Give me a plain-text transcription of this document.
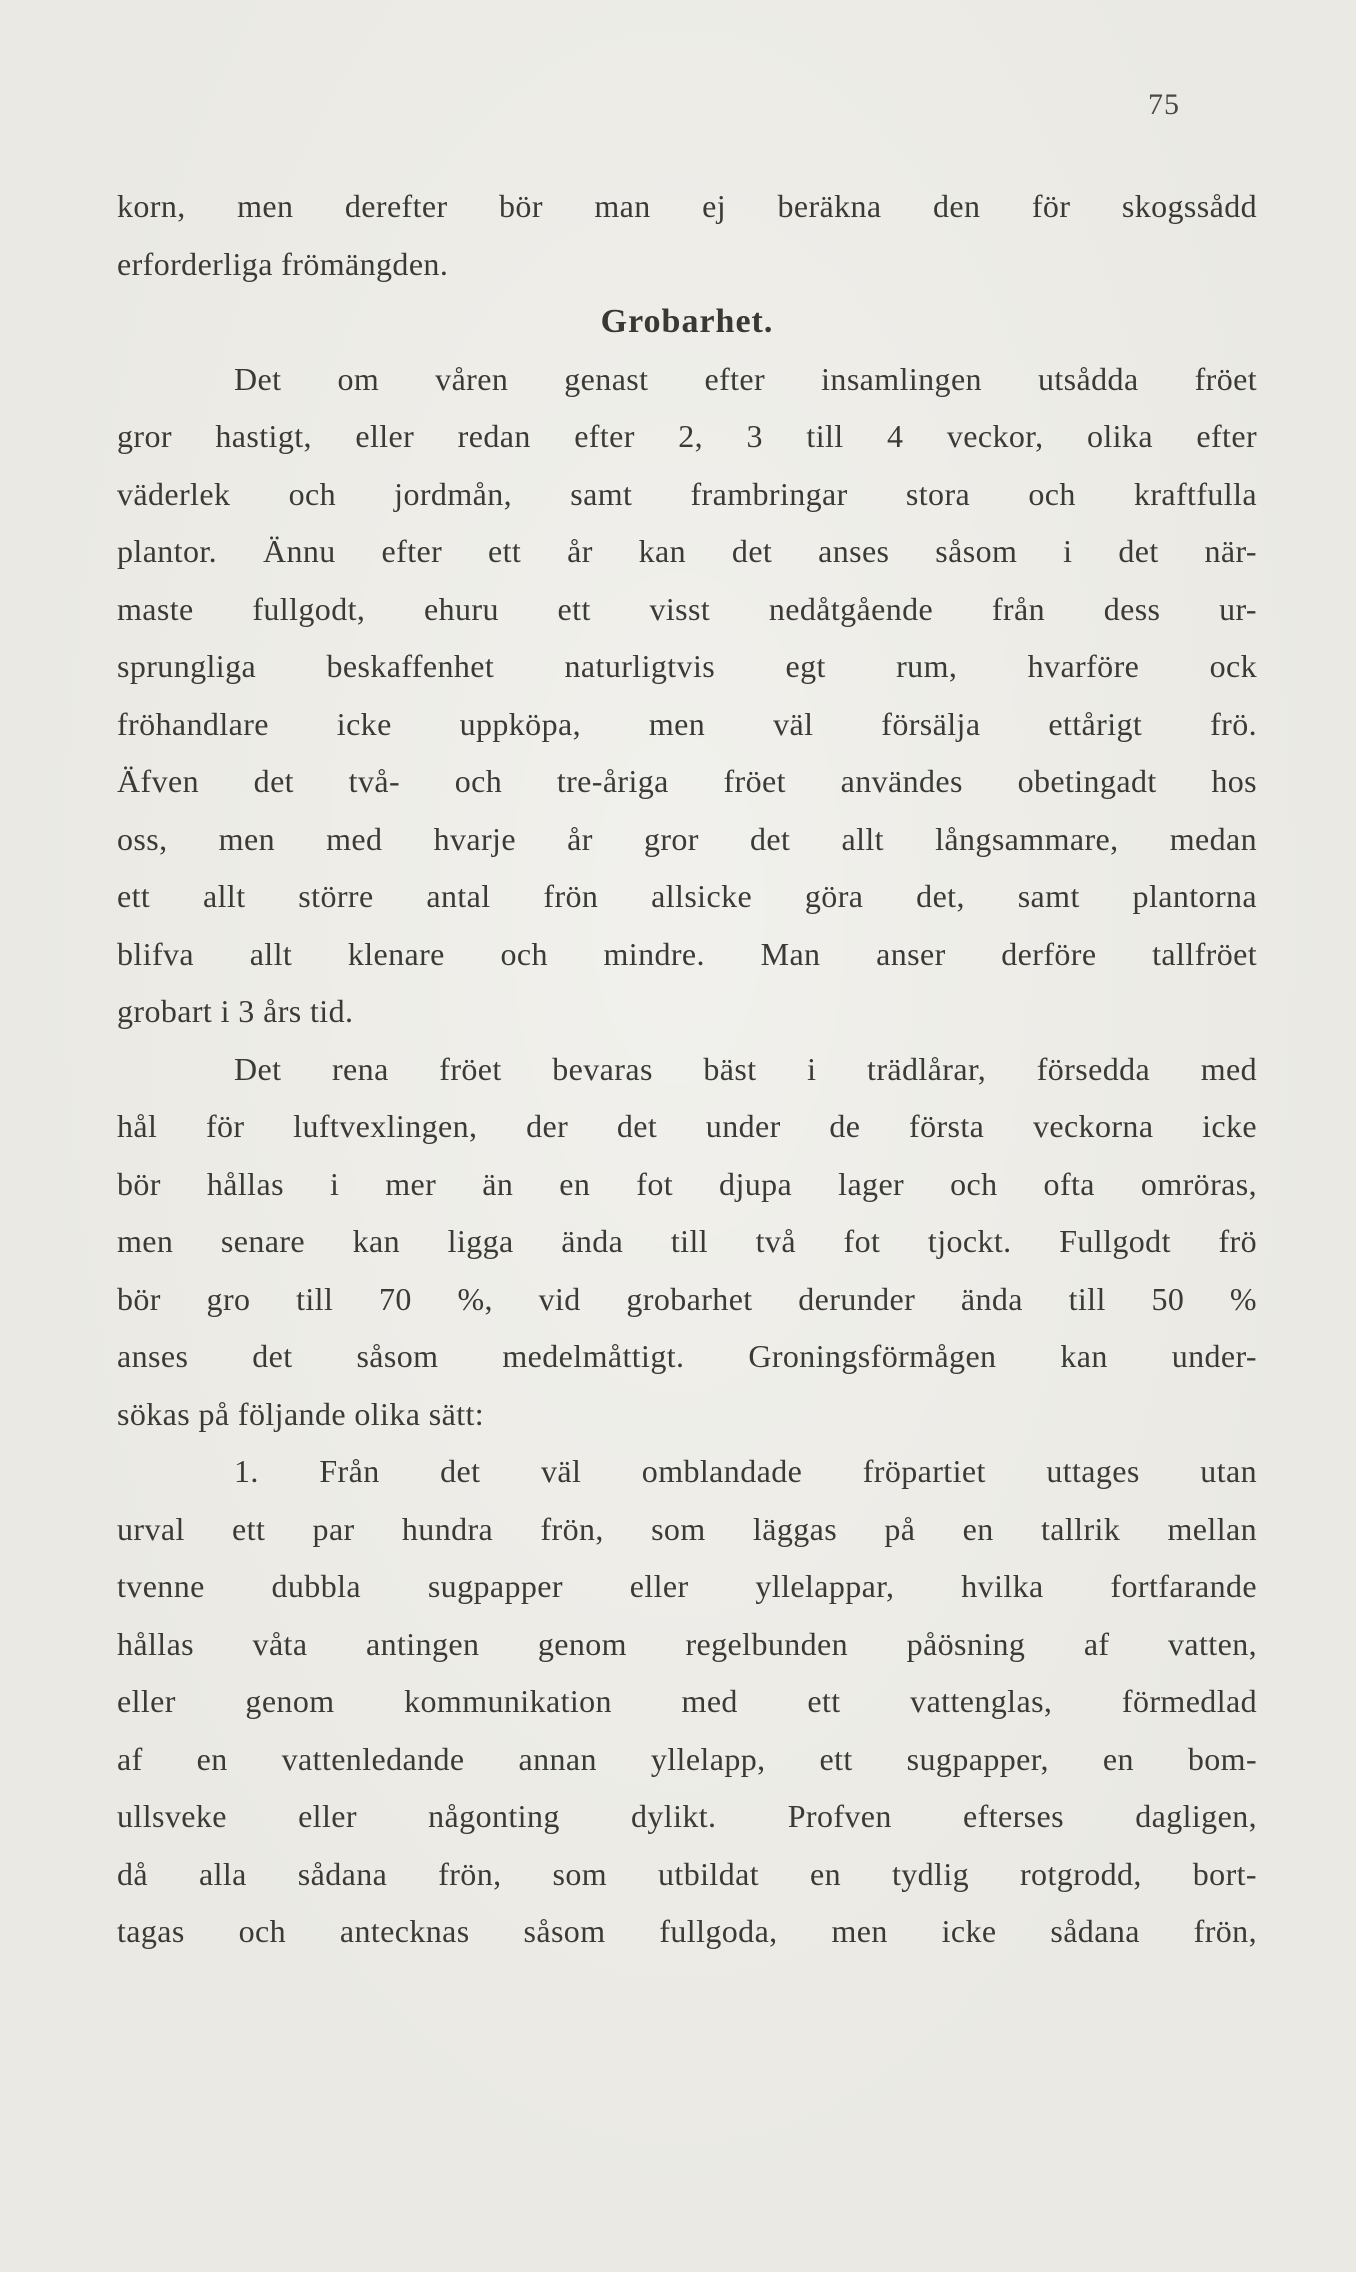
75
korn, men derefter bör man ej beräkna den för skogssådd
erforderliga frömängden.
Grobarhet.
Det om våren genast efter insamlingen utsådda fröet
gror hastigt, eller redan efter 2, 3 till 4 veckor, olika efter
väderlek och jordmån, samt frambringar stora och kraftfulla
plantor. Ännu efter ett år kan det anses såsom i det när-
maste fullgodt, ehuru ett visst nedåtgående från dess ur-
sprungliga beskaffenhet naturligtvis egt rum, hvarföre ock
fröhandlare icke uppköpa, men väl försälja ettårigt frö.
Äfven det två- och tre-åriga fröet användes obetingadt hos
oss, men med hvarje år gror det allt långsammare, medan
ett allt större antal frön allsicke göra det, samt plantorna
blifva allt klenare och mindre. Man anser derföre tallfröet
grobart i 3 års tid.
Det rena fröet bevaras bäst i trädlårar, försedda med
hål för luftvexlingen, der det under de första veckorna icke
bör hållas i mer än en fot djupa lager och ofta omröras,
men senare kan ligga ända till två fot tjockt. Fullgodt frö
bör gro till 70 %, vid grobarhet derunder ända till 50 %
anses det såsom medelmåttigt. Groningsförmågen kan under-
sökas på följande olika sätt:
1. Från det väl omblandade fröpartiet uttages utan
urval ett par hundra frön, som läggas på en tallrik mellan
tvenne dubbla sugpapper eller yllelappar, hvilka fortfarande
hållas våta antingen genom regelbunden påösning af vatten,
eller genom kommunikation med ett vattenglas, förmedlad
af en vattenledande annan yllelapp, ett sugpapper, en bom-
ullsveke eller någonting dylikt. Profven efterses dagligen,
då alla sådana frön, som utbildat en tydlig rotgrodd, bort-
tagas och antecknas såsom fullgoda, men icke sådana frön,
